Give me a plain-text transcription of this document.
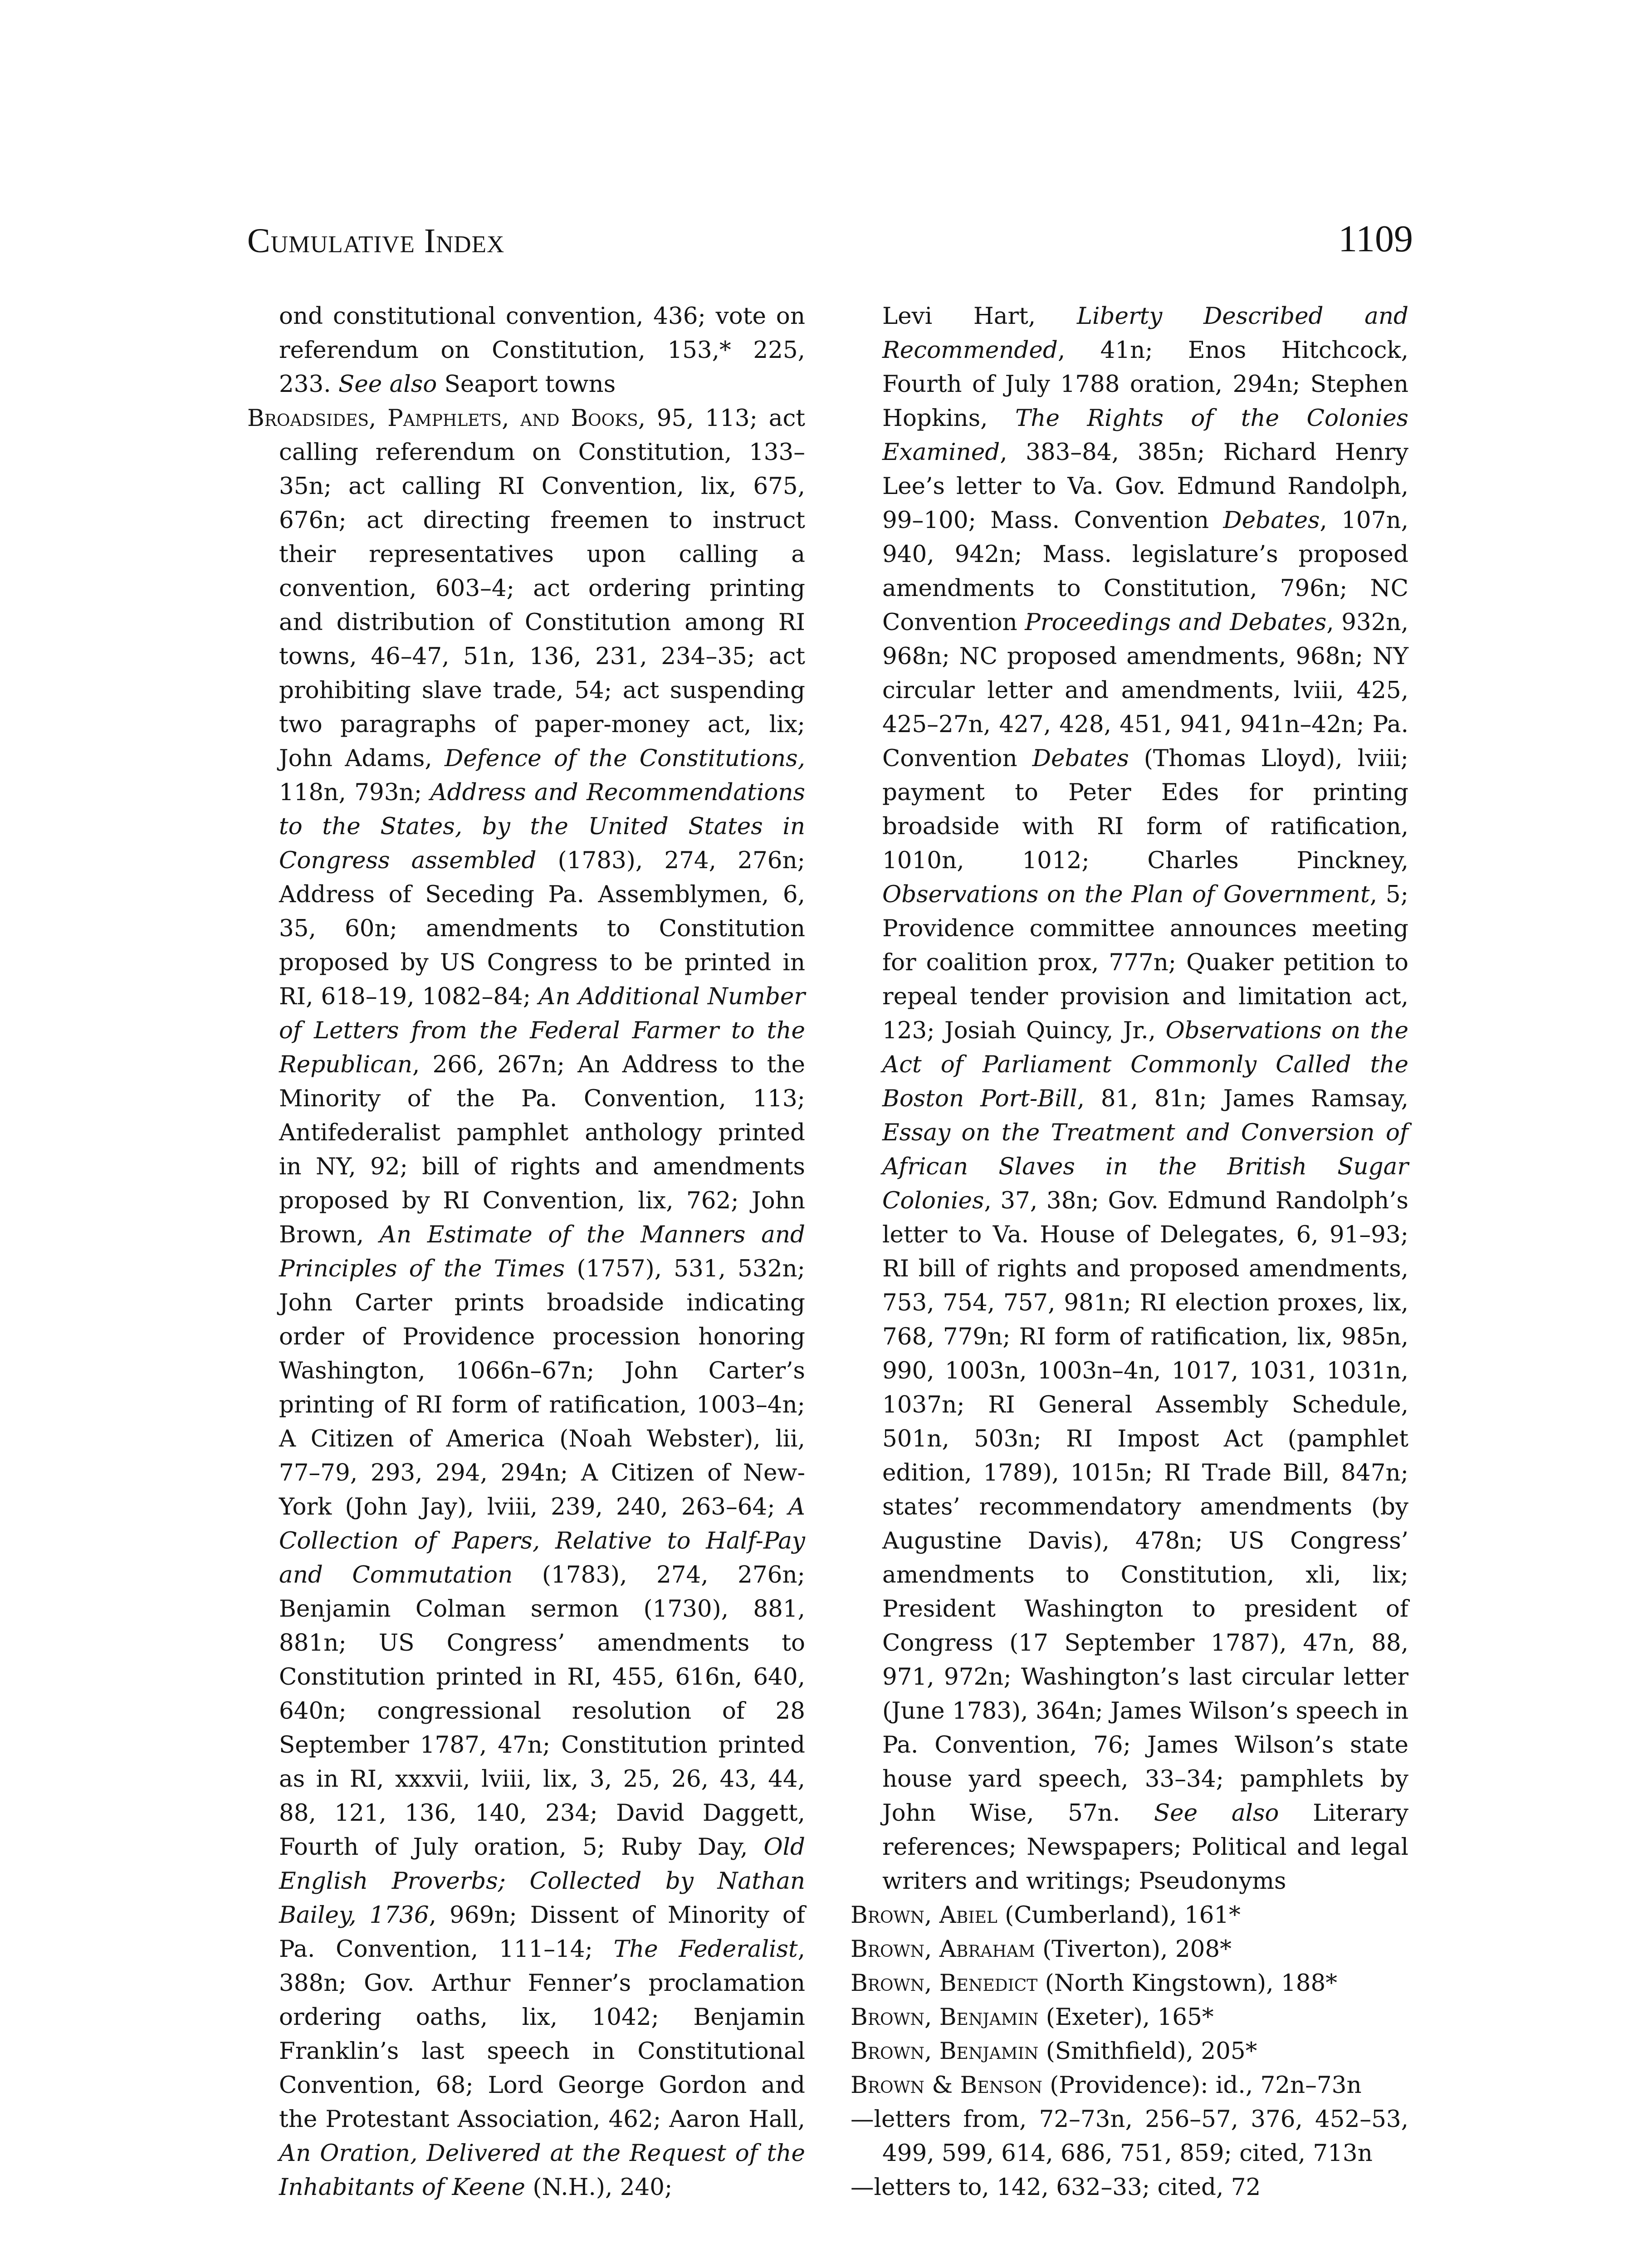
Cumulative Index	1109

ond constitutional convention, 436; vote on referendum on Constitution, 153,* 225, 233. See also Seaport towns

Broadsides, Pamphlets, and Books, 95, 113; act calling referendum on Constitution, 133–35n; act calling RI Convention, lix, 675, 676n; act directing freemen to instruct their representatives upon calling a convention, 603–4; act ordering printing and distribution of Constitution among RI towns, 46–47, 51n, 136, 231, 234–35; act prohibiting slave trade, 54; act suspending two paragraphs of paper-money act, lix; John Adams, Defence of the Constitutions, 118n, 793n; Address and Recommendations to the States, by the United States in Congress assembled (1783), 274, 276n; Address of Seceding Pa. Assemblymen, 6, 35, 60n; amendments to Constitution proposed by US Congress to be printed in RI, 618–19, 1082–84; An Additional Number of Letters from the Federal Farmer to the Republican, 266, 267n; An Address to the Minority of the Pa. Convention, 113; Antifederalist pamphlet anthology printed in NY, 92; bill of rights and amendments proposed by RI Convention, lix, 762; John Brown, An Estimate of the Manners and Principles of the Times (1757), 531, 532n; John Carter prints broadside indicating order of Providence procession honoring Washington, 1066n–67n; John Carter’s printing of RI form of ratification, 1003–4n; A Citizen of America (Noah Webster), lii, 77–79, 293, 294, 294n; A Citizen of New-York (John Jay), lviii, 239, 240, 263–64; A Collection of Papers, Relative to Half-Pay and Commutation (1783), 274, 276n; Benjamin Colman sermon (1730), 881, 881n; US Congress’ amendments to Constitution printed in RI, 455, 616n, 640, 640n; congressional resolution of 28 September 1787, 47n; Constitution printed as in RI, xxxvii, lviii, lix, 3, 25, 26, 43, 44, 88, 121, 136, 140, 234; David Daggett, Fourth of July oration, 5; Ruby Day, Old English Proverbs; Collected by Nathan Bailey, 1736, 969n; Dissent of Minority of Pa. Convention, 111–14; The Federalist, 388n; Gov. Arthur Fenner’s proclamation ordering oaths, lix, 1042; Benjamin Franklin’s last speech in Constitutional Convention, 68; Lord George Gordon and the Protestant Association, 462; Aaron Hall, An Oration, Delivered at the Request of the Inhabitants of Keene (N.H.), 240;

Levi Hart, Liberty Described and Recommended, 41n; Enos Hitchcock, Fourth of July 1788 oration, 294n; Stephen Hopkins, The Rights of the Colonies Examined, 383–84, 385n; Richard Henry Lee’s letter to Va. Gov. Edmund Randolph, 99–100; Mass. Convention Debates, 107n, 940, 942n; Mass. legislature’s proposed amendments to Constitution, 796n; NC Convention Proceedings and Debates, 932n, 968n; NC proposed amendments, 968n; NY circular letter and amendments, lviii, 425, 425–27n, 427, 428, 451, 941, 941n–42n; Pa. Convention Debates (Thomas Lloyd), lviii; payment to Peter Edes for printing broadside with RI form of ratification, 1010n, 1012; Charles Pinckney, Observations on the Plan of Government, 5; Providence committee announces meeting for coalition prox, 777n; Quaker petition to repeal tender provision and limitation act, 123; Josiah Quincy, Jr., Observations on the Act of Parliament Commonly Called the Boston Port-Bill, 81, 81n; James Ramsay, Essay on the Treatment and Conversion of African Slaves in the British Sugar Colonies, 37, 38n; Gov. Edmund Randolph’s letter to Va. House of Delegates, 6, 91–93; RI bill of rights and proposed amendments, 753, 754, 757, 981n; RI election proxes, lix, 768, 779n; RI form of ratification, lix, 985n, 990, 1003n, 1003n–4n, 1017, 1031, 1031n, 1037n; RI General Assembly Schedule, 501n, 503n; RI Impost Act (pamphlet edition, 1789), 1015n; RI Trade Bill, 847n; states’ recommendatory amendments (by Augustine Davis), 478n; US Congress’ amendments to Constitution, xli, lix; President Washington to president of Congress (17 September 1787), 47n, 88, 971, 972n; Washington’s last circular letter (June 1783), 364n; James Wilson’s speech in Pa. Convention, 76; James Wilson’s state house yard speech, 33–34; pamphlets by John Wise, 57n. See also Literary references; Newspapers; Political and legal writers and writings; Pseudonyms

Brown, Abiel (Cumberland), 161*

Brown, Abraham (Tiverton), 208*

Brown, Benedict (North Kingstown), 188*

Brown, Benjamin (Exeter), 165*

Brown, Benjamin (Smithfield), 205*

Brown & Benson (Providence): id., 72n–73n

—letters from, 72–73n, 256–57, 376, 452–53, 499, 599, 614, 686, 751, 859; cited, 713n

—letters to, 142, 632–33; cited, 72
